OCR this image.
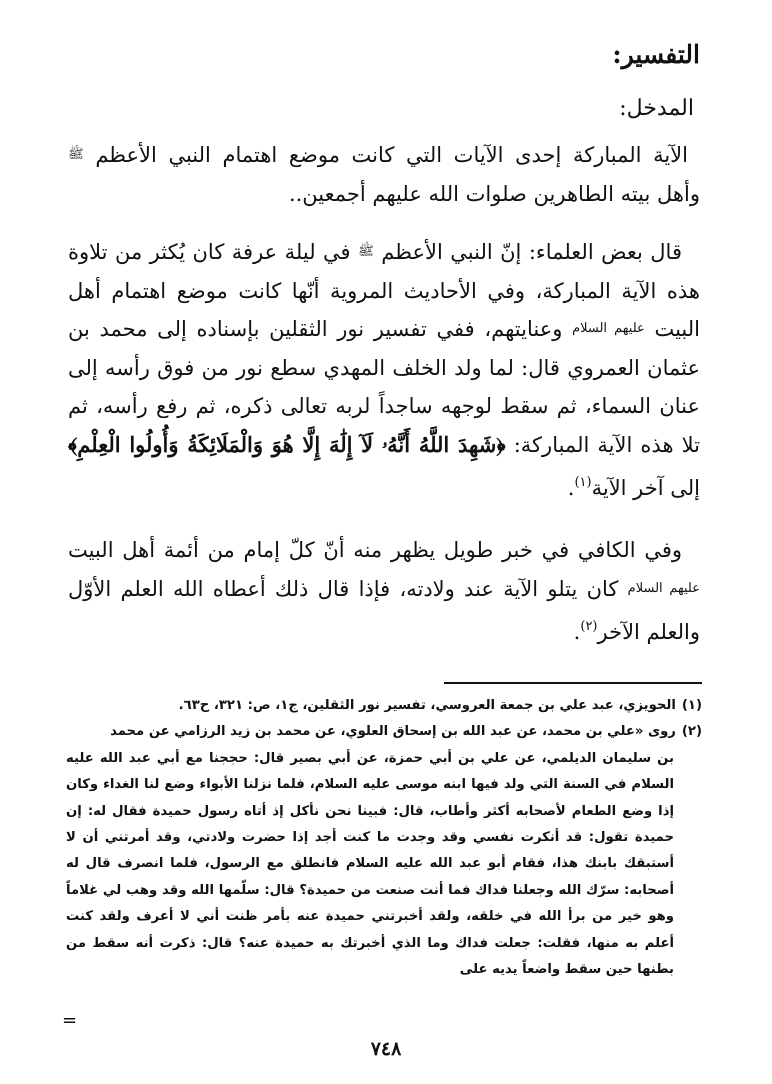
التفسير:
المدخل:

الآية المباركة إحدى الآيات التي كانت موضع اهتمام النبي الأعظم ﷺ وأهل بيته الطاهرين صلوات الله عليهم أجمعين..

قال بعض العلماء: إنّ النبي الأعظم ﷺ في ليلة عرفة كان يُكثر من تلاوة هذه الآية المباركة، وفي الأحاديث المروية أنّها كانت موضع اهتمام أهل البيت عليهم السلام وعنايتهم، ففي تفسير نور الثقلين بإسناده إلى محمد بن عثمان العمروي قال: لما ولد الخلف المهدي سطع نور من فوق رأسه إلى عنان السماء، ثم سقط لوجهه ساجداً لربه تعالى ذكره، ثم رفع رأسه، ثم تلا هذه الآية المباركة: ﴿شَهِدَ اللَّهُ أَنَّهُۥ لَآ إِلَٰهَ إِلَّا هُوَ وَالْمَلَائِكَةُ وَأُولُوا الْعِلْمِ﴾ إلى آخر الآية$^{(١)}$.

وفي الكافي في خبر طويل يظهر منه أنّ كلّ إمام من أئمة أهل البيت عليهم السلام كان يتلو الآية عند ولادته، فإذا قال ذلك أعطاه الله العلم الأوّل والعلم الآخر$^{(٢)}$.

(١)
الحويزي، عبد علي بن جمعة العروسي، تفسير نور الثقلين، ج١، ص: ٣٢١، ح٦٣.
(٢)
روى «علي بن محمد، عن عبد الله بن إسحاق العلوي، عن محمد بن زيد الرزامي عن محمد
بن سليمان الديلمي، عن علي بن أبي حمزة، عن أبي بصير قال: حججنا مع أبي عبد الله عليه السلام في السنة التي ولد فيها ابنه موسى عليه السلام، فلما نزلنا الأبواء وضع لنا الغداء وكان إذا وضع الطعام لأصحابه أكثر وأطاب، قال: فبينا نحن نأكل إذ أتاه رسول حميدة فقال له: إن حميدة تقول: قد أنكرت نفسي وقد وجدت ما كنت أجد إذا حضرت ولادتي، وقد أمرتني أن لا أستبقك بابنك هذا، فقام أبو عبد الله عليه السلام فانطلق مع الرسول، فلما انصرف قال له أصحابه: سرّك الله وجعلنا فداك فما أنت صنعت من حميدة؟ قال: سلّمها الله وقد وهب لي غلاماً وهو خير من برأ الله في خلقه، ولقد أخبرتني حميدة عنه بأمر ظنت أني لا أعرف ولقد كنت أعلم به منها، فقلت: جعلت فداك وما الذي أخبرتك به حميدة عنه؟ قال: ذكرت أنه سقط من بطنها حين سقط واضعاً يديه على
=
٧٤٨
